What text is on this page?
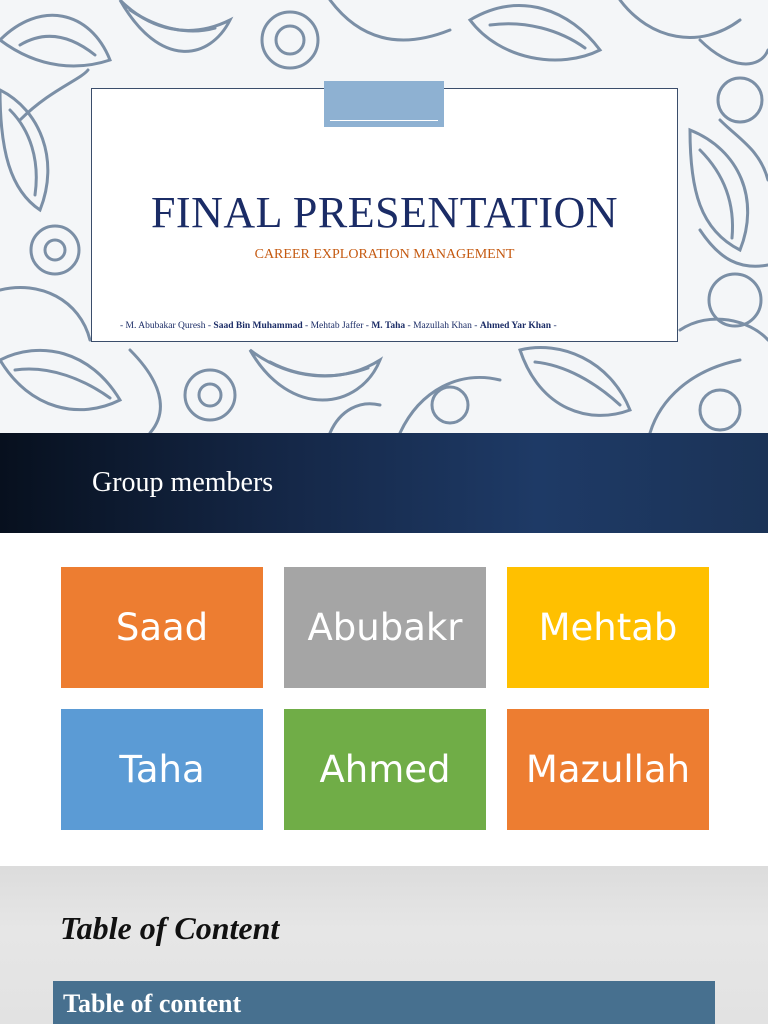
FINAL PRESENTATION
CAREER EXPLORATION MANAGEMENT
- M. Abubakar Quresh - Saad Bin Muhammad - Mehtab Jaffer - M. Taha - Mazullah Khan - Ahmed Yar Khan -
Group members
Saad	Abubakr Mehtab
Taha	Ahmed Mazullah
Table of Content
Table of content
